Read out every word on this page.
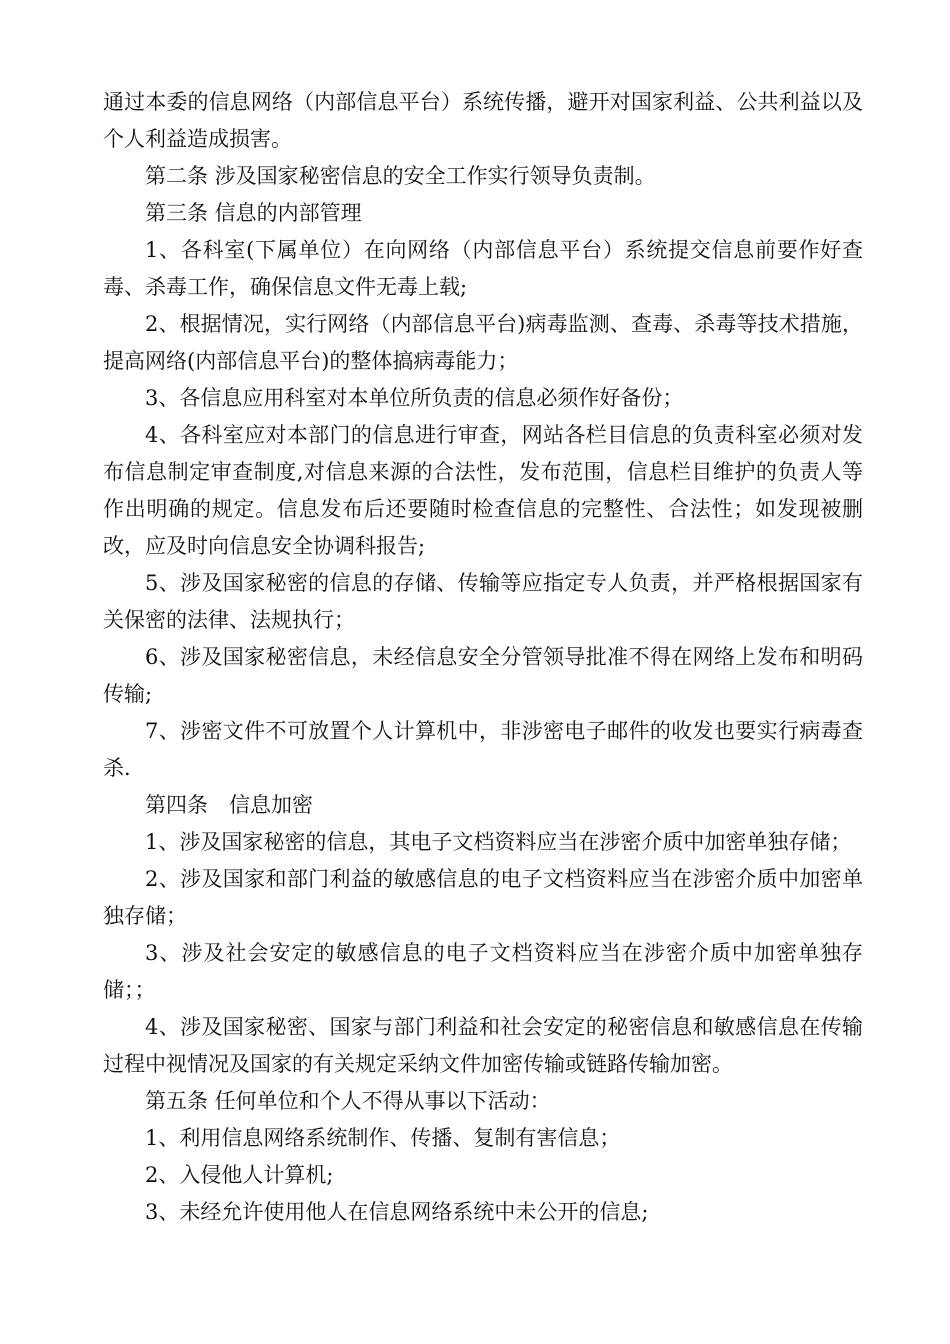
通过本委的信息网络（内部信息平台）系统传播，避开对国家利益、公共利益以及个人利益造成损害。

第二条 涉及国家秘密信息的安全工作实行领导负责制。

第三条 信息的内部管理

1、各科室(下属单位）在向网络（内部信息平台）系统提交信息前要作好查毒、杀毒工作，确保信息文件无毒上载;

2、根据情况，实行网络（内部信息平台)病毒监测、查毒、杀毒等技术措施，提高网络(内部信息平台)的整体搞病毒能力；

3、各信息应用科室对本单位所负责的信息必须作好备份；

4、各科室应对本部门的信息进行审查，网站各栏目信息的负责科室必须对发布信息制定审查制度,对信息来源的合法性，发布范围，信息栏目维护的负责人等作出明确的规定。信息发布后还要随时检查信息的完整性、合法性；如发现被删改，应及时向信息安全协调科报告;

5、涉及国家秘密的信息的存储、传输等应指定专人负责，并严格根据国家有关保密的法律、法规执行；

6、涉及国家秘密信息，未经信息安全分管领导批准不得在网络上发布和明码传输;

7、涉密文件不可放置个人计算机中，非涉密电子邮件的收发也要实行病毒查杀.

第四条　信息加密

1、涉及国家秘密的信息，其电子文档资料应当在涉密介质中加密单独存储；

2、涉及国家和部门利益的敏感信息的电子文档资料应当在涉密介质中加密单独存储；

3、涉及社会安定的敏感信息的电子文档资料应当在涉密介质中加密单独存储；；

4、涉及国家秘密、国家与部门利益和社会安定的秘密信息和敏感信息在传输过程中视情况及国家的有关规定采纳文件加密传输或链路传输加密。

第五条 任何单位和个人不得从事以下活动：

1、利用信息网络系统制作、传播、复制有害信息；

2、入侵他人计算机;

3、未经允许使用他人在信息网络系统中未公开的信息;
